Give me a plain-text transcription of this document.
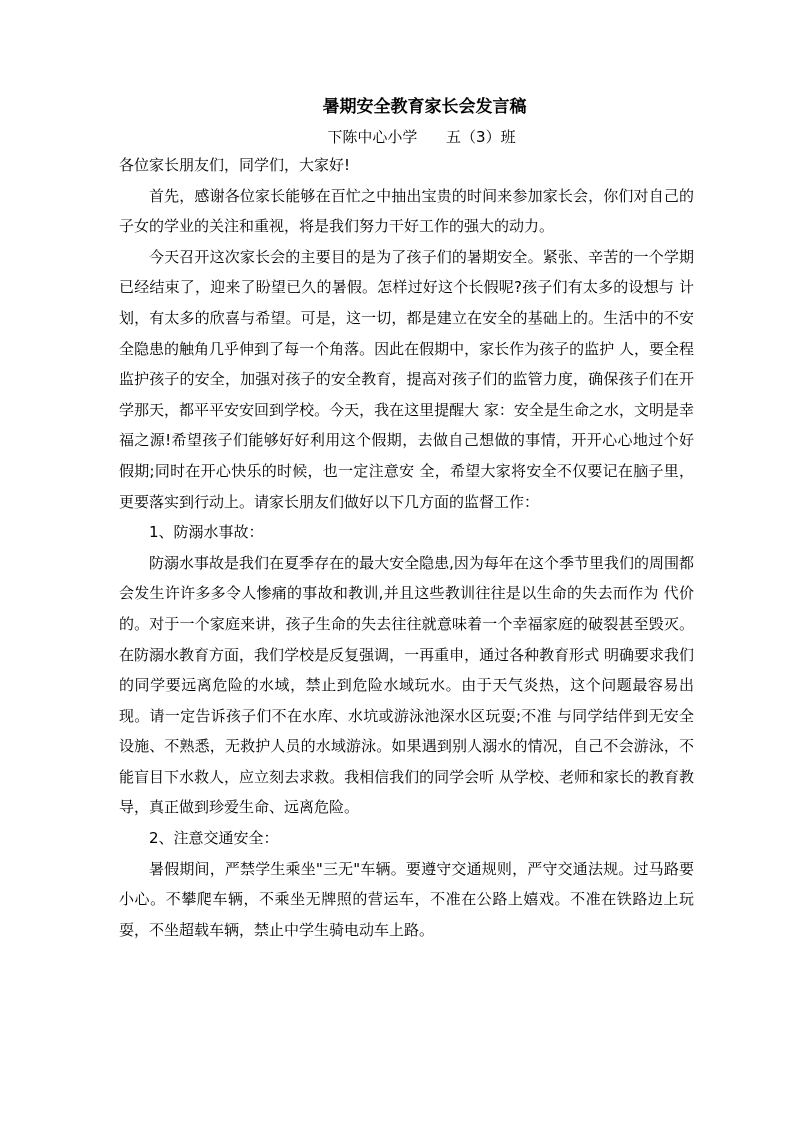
暑期安全教育家长会发言稿
下陈中心小学      五（3）班

各位家长朋友们，同学们，大家好!

首先，感谢各位家长能够在百忙之中抽出宝贵的时间来参加家长会，你们对自己的子女的学业的关注和重视，将是我们努力干好工作的强大的动力。

今天召开这次家长会的主要目的是为了孩子们的暑期安全。紧张、辛苦的一个学期已经结束了，迎来了盼望已久的暑假。怎样过好这个长假呢?孩子们有太多的设想与 计划，有太多的欣喜与希望。可是，这一切，都是建立在安全的基础上的。生活中的不安全隐患的触角几乎伸到了每一个角落。因此在假期中，家长作为孩子的监护 人，要全程监护孩子的安全，加强对孩子的安全教育，提高对孩子们的监管力度，确保孩子们在开学那天，都平平安安回到学校。今天，我在这里提醒大 家：安全是生命之水，文明是幸福之源!希望孩子们能够好好利用这个假期，去做自己想做的事情，开开心心地过个好假期;同时在开心快乐的时候，也一定注意安 全，希望大家将安全不仅要记在脑子里，更要落实到行动上。请家长朋友们做好以下几方面的监督工作：

1、防溺水事故：

防溺水事故是我们在夏季存在的最大安全隐患,因为每年在这个季节里我们的周围都会发生许许多多令人惨痛的事故和教训,并且这些教训往往是以生命的失去而作为 代价的。对于一个家庭来讲，孩子生命的失去往往就意味着一个幸福家庭的破裂甚至毁灭。在防溺水教育方面，我们学校是反复强调，一再重申，通过各种教育形式 明确要求我们的同学要远离危险的水域，禁止到危险水域玩水。由于天气炎热，这个问题最容易出现。请一定告诉孩子们不在水库、水坑或游泳池深水区玩耍;不准 与同学结伴到无安全设施、不熟悉，无救护人员的水域游泳。如果遇到别人溺水的情况，自己不会游泳，不能盲目下水救人，应立刻去求救。我相信我们的同学会听 从学校、老师和家长的教育教导，真正做到珍爱生命、远离危险。

2、注意交通安全：

暑假期间，严禁学生乘坐"三无"车辆。要遵守交通规则，严守交通法规。过马路要小心。不攀爬车辆，不乘坐无牌照的营运车，不准在公路上嬉戏。不准在铁路边上玩耍，不坐超载车辆，禁止中学生骑电动车上路。
